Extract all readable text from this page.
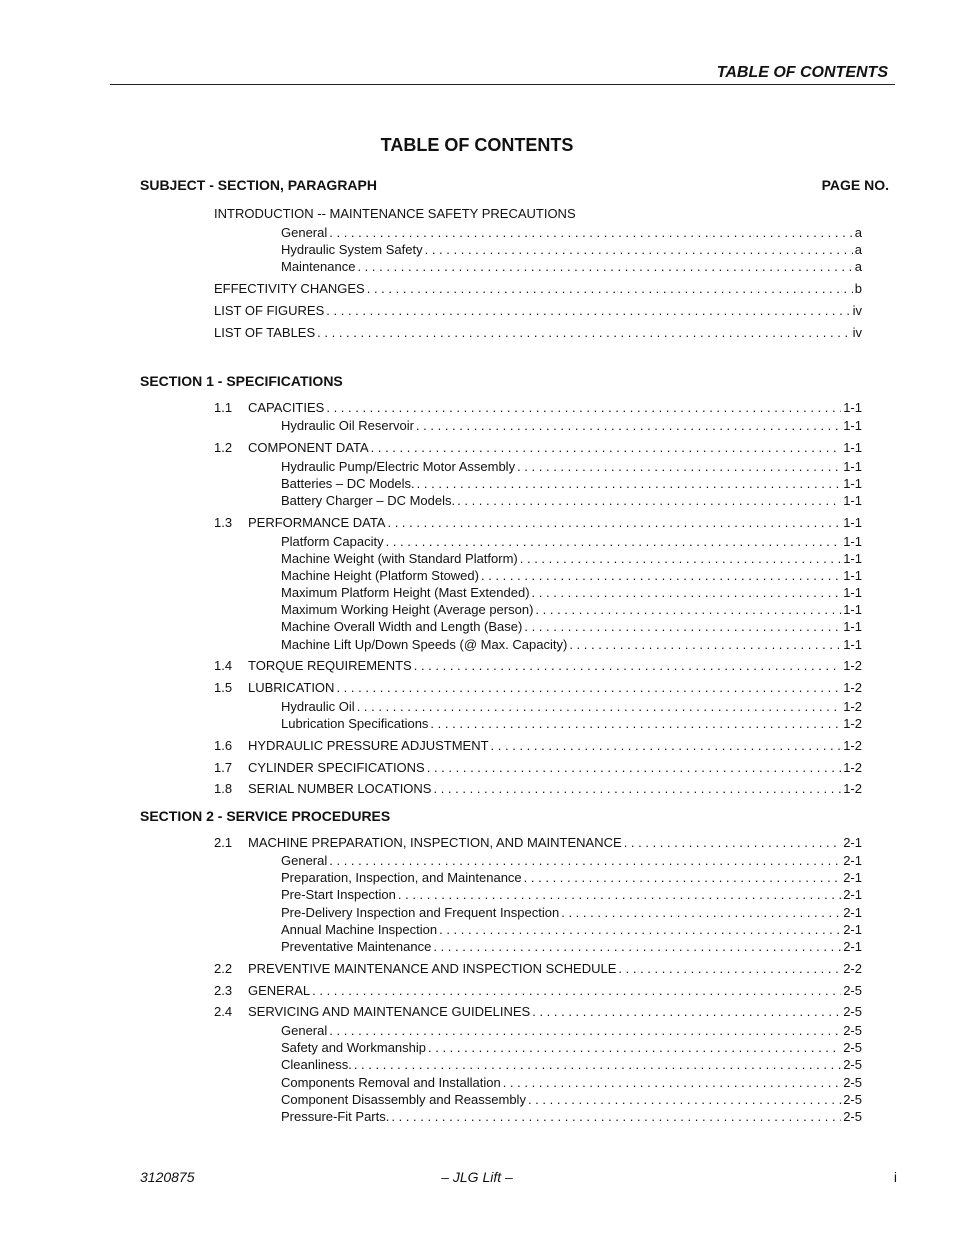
TABLE OF CONTENTS
TABLE OF CONTENTS
SUBJECT - SECTION, PARAGRAPH	PAGE NO.
INTRODUCTION -- MAINTENANCE SAFETY PRECAUTIONS
General . . .	a
Hydraulic System Safety . . .	a
Maintenance . . .	a
EFFECTIVITY CHANGES . . .	b
LIST OF FIGURES . . .	iv
LIST OF TABLES . . .	iv
SECTION 1 - SPECIFICATIONS
1.1	CAPACITIES . . .	1-1
Hydraulic Oil Reservoir . . .	1-1
1.2	COMPONENT DATA . . .	1-1
Hydraulic Pump/Electric Motor Assembly . . .	1-1
Batteries – DC Models. . . .	1-1
Battery Charger – DC Models. . . .	1-1
1.3	PERFORMANCE DATA . . .	1-1
Platform Capacity . . .	1-1
Machine Weight (with Standard Platform) . . .	1-1
Machine Height (Platform Stowed) . . .	1-1
Maximum Platform Height (Mast Extended) . . .	1-1
Maximum Working Height (Average person) . . .	1-1
Machine Overall Width and Length (Base) . . .	1-1
Machine Lift Up/Down Speeds (@ Max. Capacity) . . .	1-1
1.4	TORQUE REQUIREMENTS . . .	1-2
1.5	LUBRICATION . . .	1-2
Hydraulic Oil . . .	1-2
Lubrication Specifications . . .	1-2
1.6	HYDRAULIC PRESSURE ADJUSTMENT . . .	1-2
1.7	CYLINDER SPECIFICATIONS . . .	1-2
1.8	SERIAL NUMBER LOCATIONS . . .	1-2
SECTION 2 - SERVICE PROCEDURES
2.1	MACHINE PREPARATION, INSPECTION, AND MAINTENANCE . . .	2-1
General . . .	2-1
Preparation, Inspection, and Maintenance . . .	2-1
Pre-Start Inspection . . .	2-1
Pre-Delivery Inspection and Frequent Inspection . . .	2-1
Annual Machine Inspection . . .	2-1
Preventative Maintenance . . .	2-1
2.2	PREVENTIVE MAINTENANCE AND INSPECTION SCHEDULE . . .	2-2
2.3	GENERAL . . .	2-5
2.4	SERVICING AND MAINTENANCE GUIDELINES . . .	2-5
General . . .	2-5
Safety and Workmanship . . .	2-5
Cleanliness. . . .	2-5
Components Removal and Installation . . .	2-5
Component Disassembly and Reassembly . . .	2-5
Pressure-Fit Parts. . . .	2-5
3120875	– JLG Lift –	i
